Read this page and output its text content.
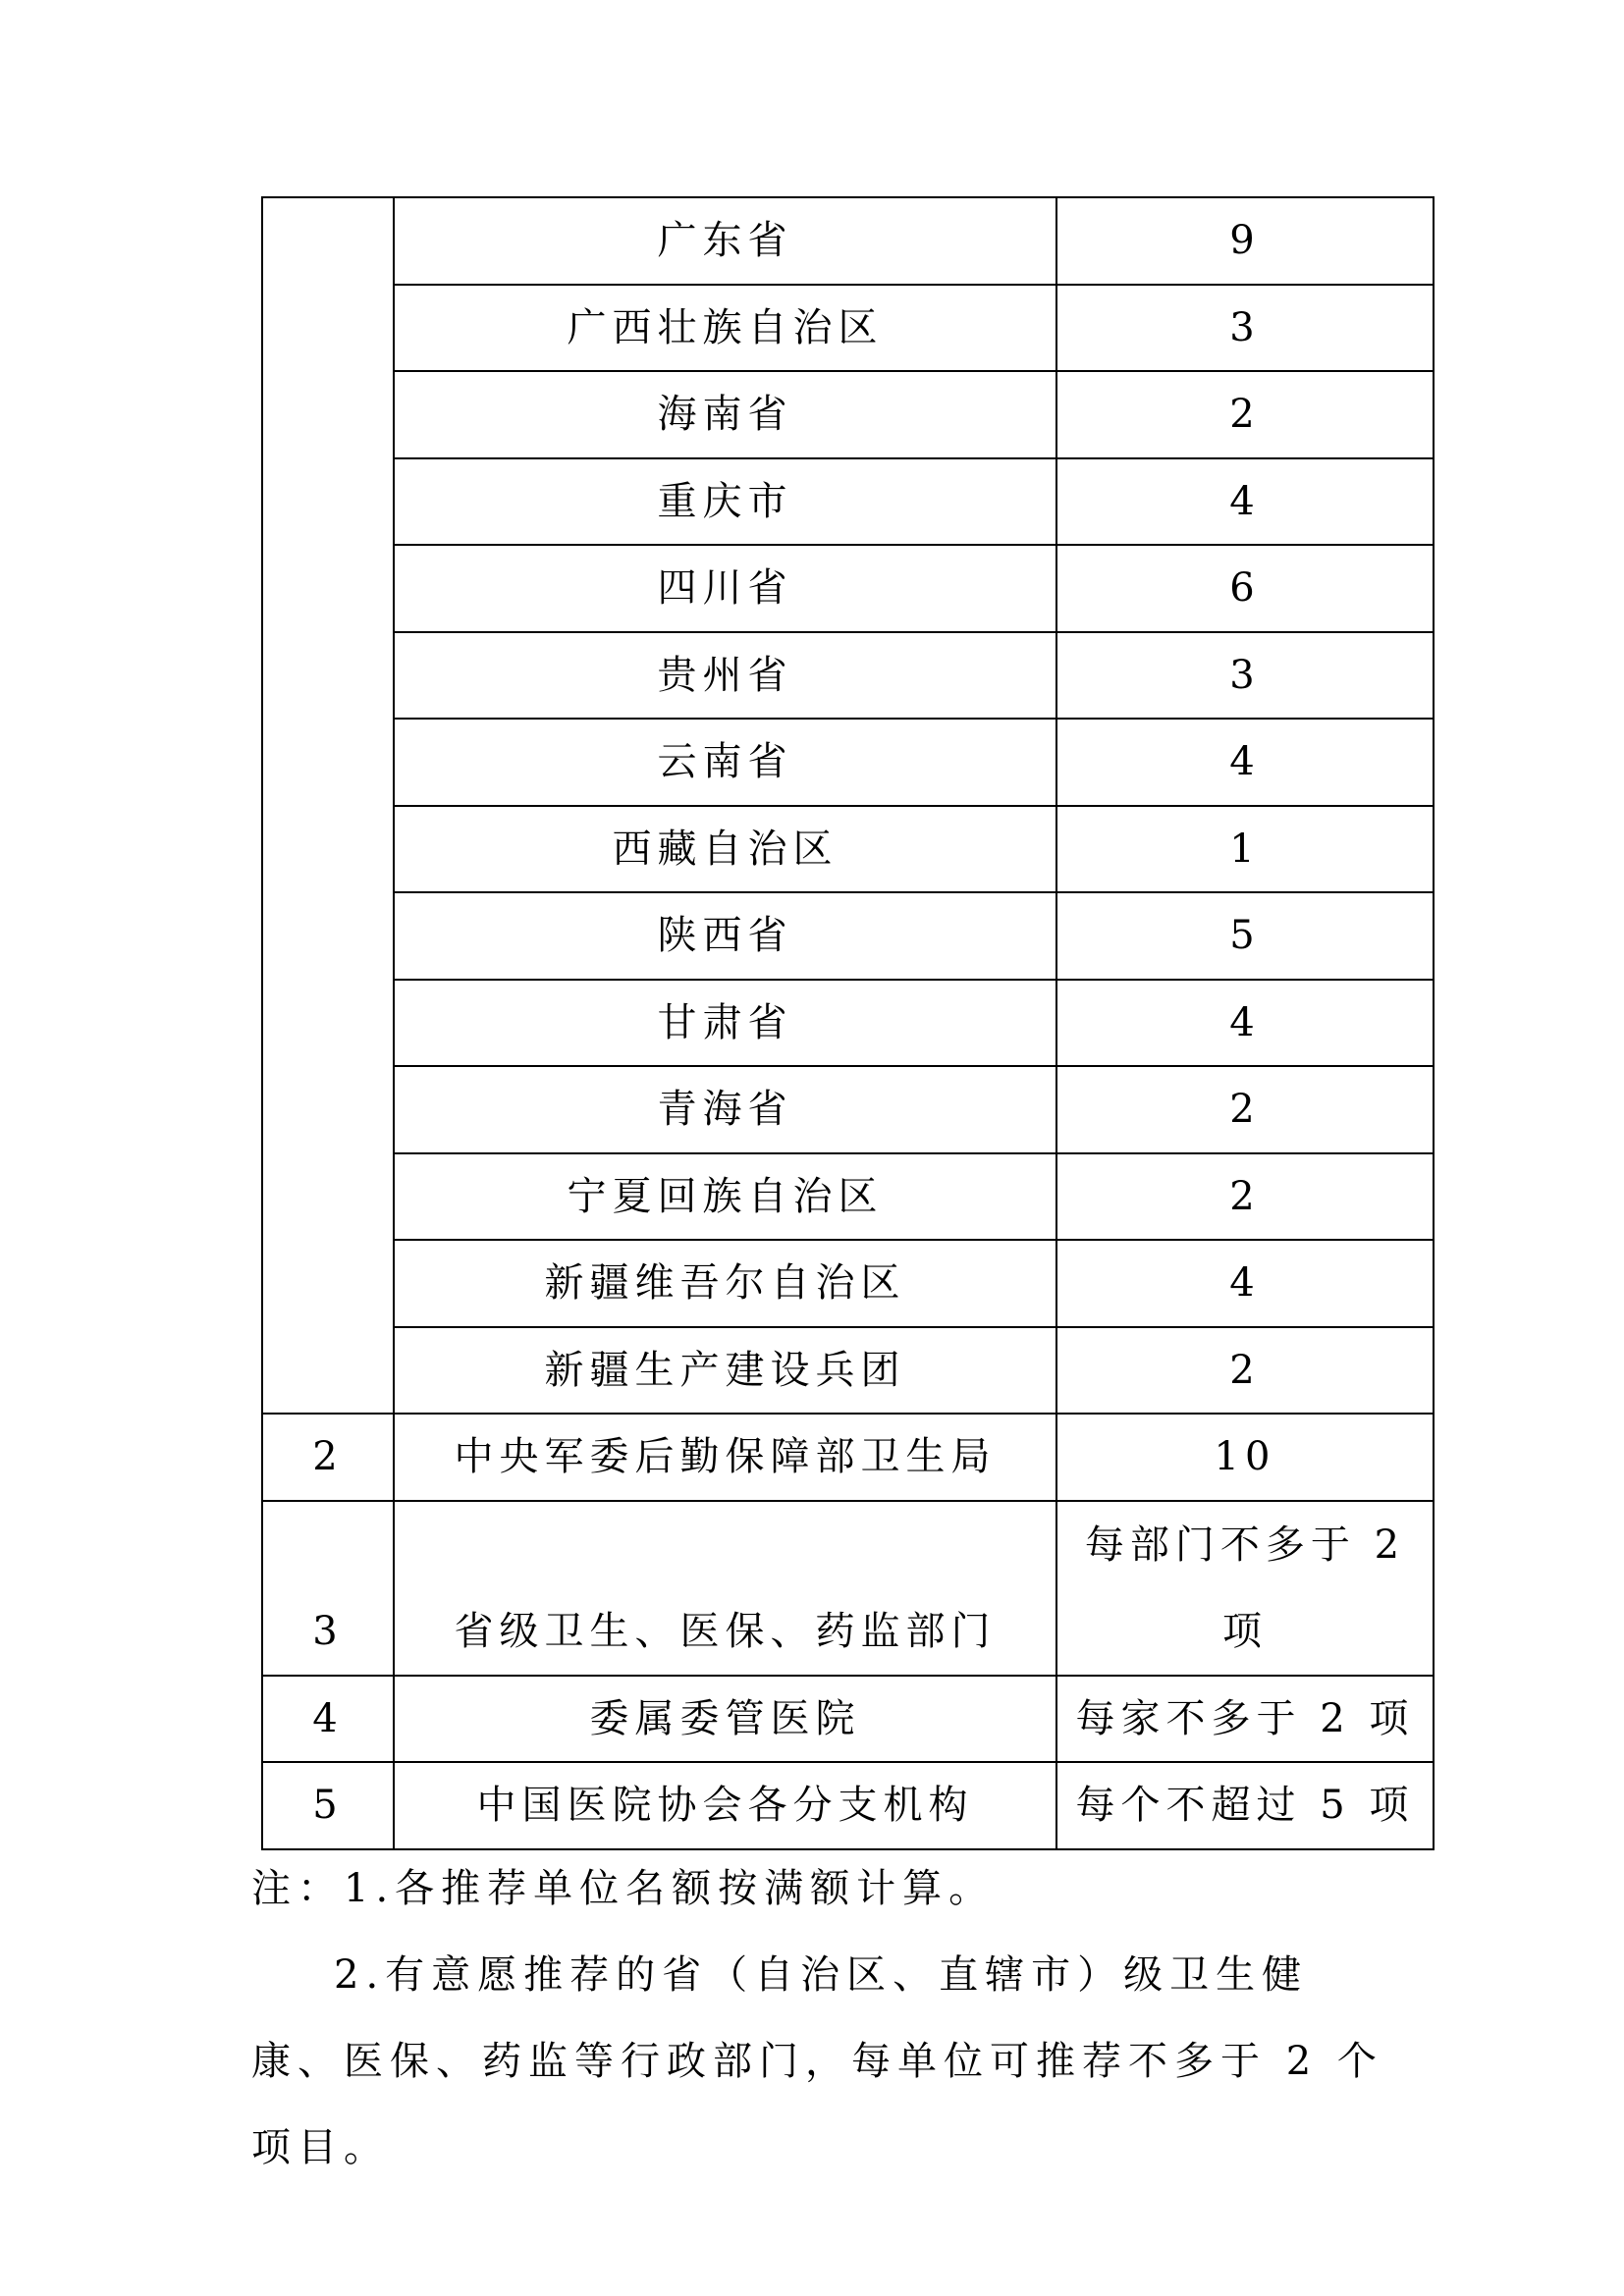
	广东省	9
	广西壮族自治区	3
	海南省	2
	重庆市	4
	四川省	6
	贵州省	3
	云南省	4
	西藏自治区	1
	陕西省	5
	甘肃省	4
	青海省	2
	宁夏回族自治区	2
	新疆维吾尔自治区	4
	新疆生产建设兵团	2
2	中央军委后勤保障部卫生局	10
3	省级卫生、医保、药监部门	每部门不多于 2 项
4	委属委管医院	每家不多于 2 项
5	中国医院协会各分支机构	每个不超过 5 项

注：1.各推荐单位名额按满额计算。

2.有意愿推荐的省（自治区、直辖市）级卫生健康、医保、药监等行政部门，每单位可推荐不多于 2 个项目。
